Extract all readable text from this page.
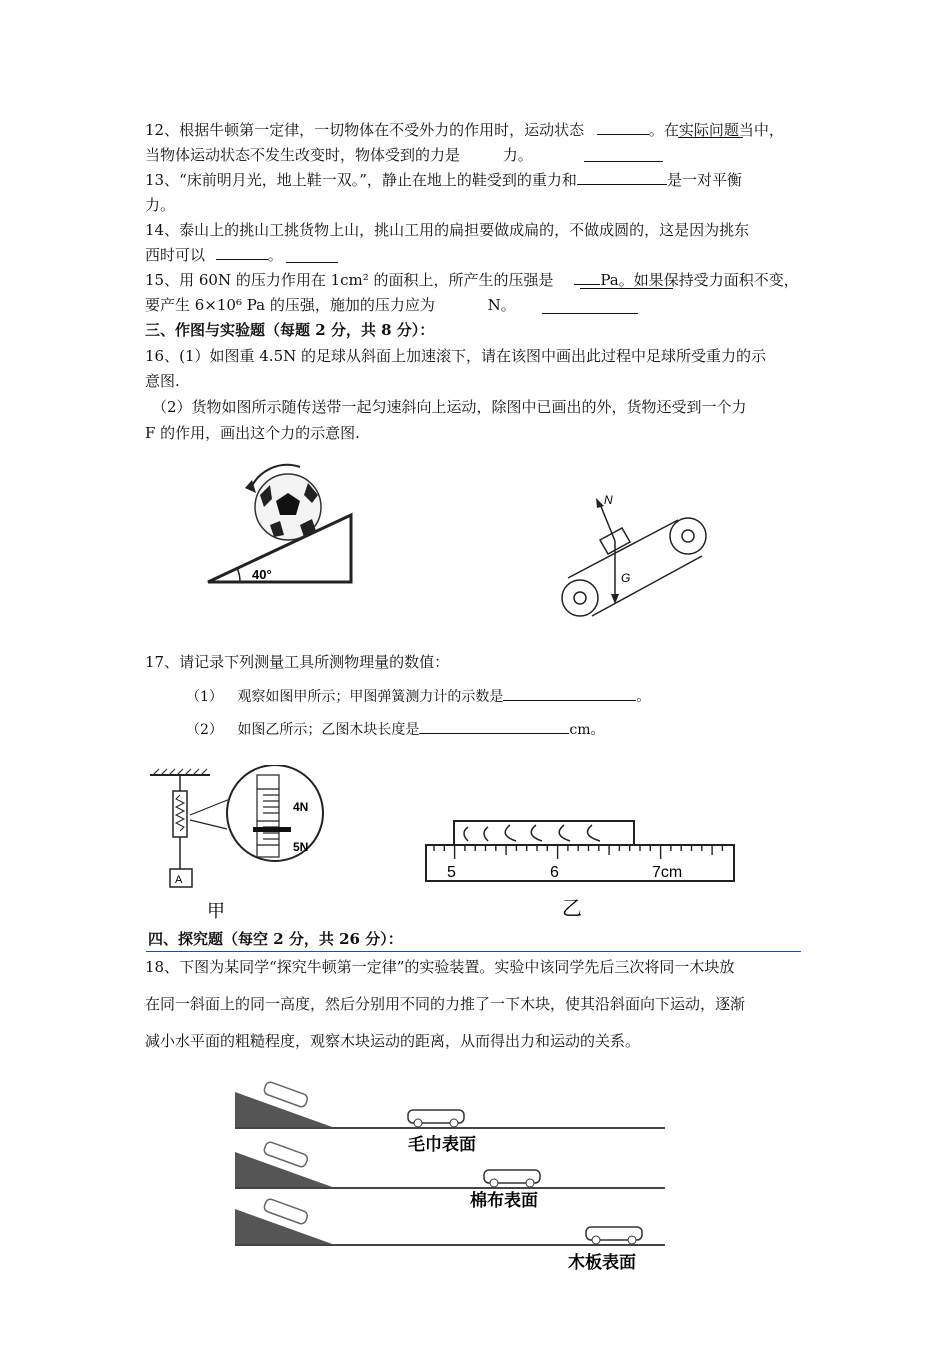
12、根据牛顿第一定律，一切物体在不受外力的作用时，运动状态	。在实际问题当中，
当物体运动状态不发生改变时，物体受到的力是	力。
13、“床前明月光，地上鞋一双。”，静止在地上的鞋受到的重力和	是一对平衡
力。
14、泰山上的挑山工挑货物上山，挑山工用的扁担要做成扁的，不做成圆的，这是因为挑东
西时可以	。
15、用 60N 的压力作用在 1cm² 的面积上，所产生的压强是	Pa。如果保持受力面积不变，
要产生 6×10⁶ Pa 的压强，施加的压力应为	N。
三、作图与实验题（每题 2 分，共 8 分）：
16、(1）如图重 4.5N 的足球从斜面上加速滚下，请在该图中画出此过程中足球所受重力的示
意图.
（2）货物如图所示随传送带一起匀速斜向上运动，除图中已画出的外，货物还受到一个力
F 的作用，画出这个力的示意图.
40°
N
G
17、请记录下列测量工具所测物理量的数值：
（1） 观察如图甲所示；甲图弹簧测力计的示数是	。
（2） 如图乙所示；乙图木块长度是	cm。
A
4N
5N
甲
5	6	7cm
乙
四、探究题（每空 2 分，共 26 分）：
18、下图为某同学“探究牛顿第一定律”的实验装置。实验中该同学先后三次将同一木块放
在同一斜面上的同一高度，然后分别用不同的力推了一下木块，使其沿斜面向下运动，逐渐
减小水平面的粗糙程度，观察木块运动的距离，从而得出力和运动的关系。
毛巾表面
棉布表面
木板表面
